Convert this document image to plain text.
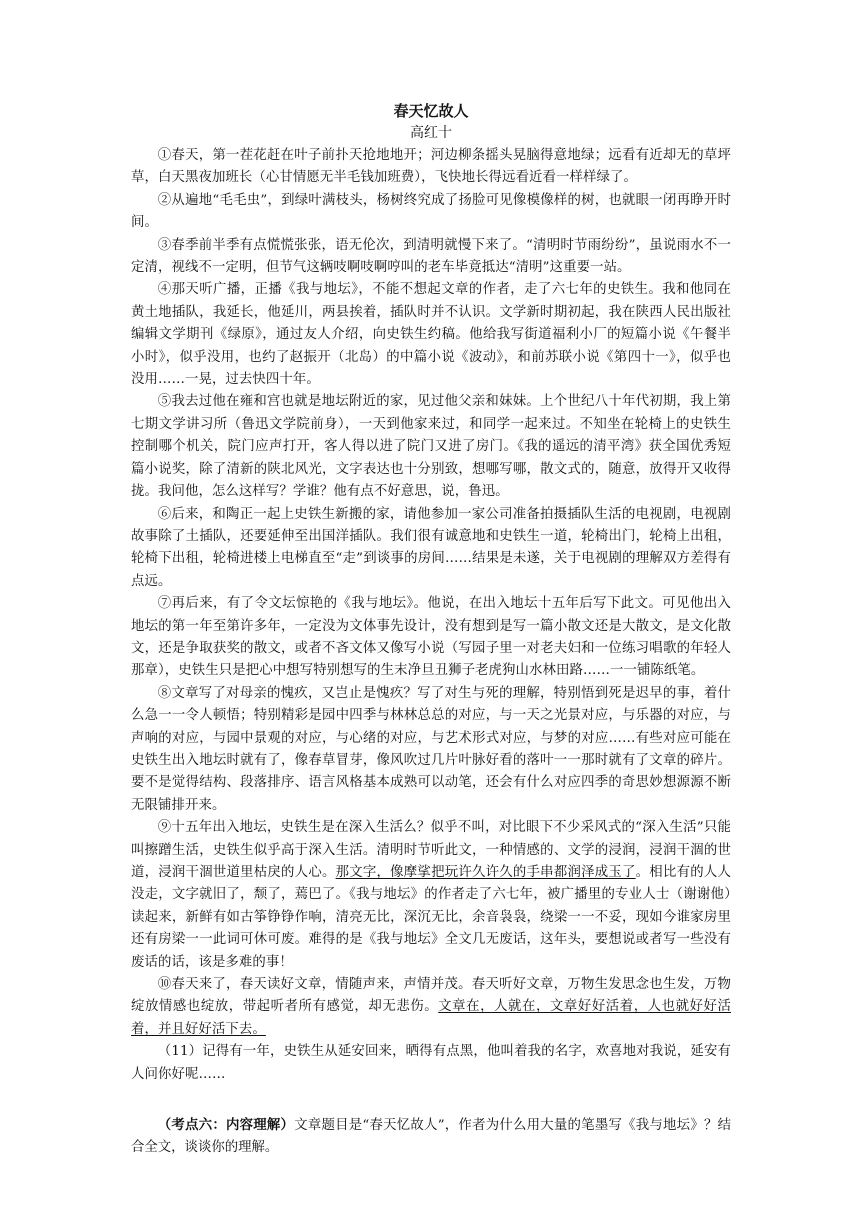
春天忆故人

高红十

①春天，第一茬花赶在叶子前扑天抢地地开；河边柳条摇头晃脑得意地绿；远看有近却无的草坪草，白天黑夜加班长（心甘情愿无半毛钱加班费），飞快地长得远看近看一样样绿了。

②从遍地“毛毛虫”，到绿叶满枝头，杨树终究成了扬脸可见像模像样的树，也就眼一闭再睁开时间。

③春季前半季有点慌慌张张，语无伦次，到清明就慢下来了。“清明时节雨纷纷”，虽说雨水不一定清，视线不一定明，但节气这辆吱啊吱啊哼叫的老车毕竟抵达“清明”这重要一站。

④那天听广播，正播《我与地坛》，不能不想起文章的作者，走了六七年的史铁生。我和他同在黄土地插队，我延长，他延川，两县挨着，插队时并不认识。文学新时期初起，我在陕西人民出版社编辑文学期刊《绿原》，通过友人介绍，向史铁生约稿。他给我写街道福利小厂的短篇小说《午餐半小时》，似乎没用，也约了赵振开（北岛）的中篇小说《波动》，和前苏联小说《第四十一》，似乎也没用……一晃，过去快四十年。

⑤我去过他在雍和宫也就是地坛附近的家，见过他父亲和妹妹。上个世纪八十年代初期，我上第七期文学讲习所（鲁迅文学院前身），一天到他家来过，和同学一起来过。不知坐在轮椅上的史铁生控制哪个机关，院门应声打开，客人得以进了院门又进了房门。《我的遥远的清平湾》获全国优秀短篇小说奖，除了清新的陕北风光，文字表达也十分别致，想哪写哪，散文式的，随意，放得开又收得拢。我问他，怎么这样写？学谁？他有点不好意思，说，鲁迅。

⑥后来，和陶正一起上史铁生新搬的家，请他参加一家公司准备拍摄插队生活的电视剧，电视剧故事除了土插队，还要延伸至出国洋插队。我们很有诚意地和史铁生一道，轮椅出门，轮椅上出租，轮椅下出租，轮椅进楼上电梯直至“走”到谈事的房间……结果是未遂，关于电视剧的理解双方差得有点远。

⑦再后来，有了令文坛惊艳的《我与地坛》。他说，在出入地坛十五年后写下此文。可见他出入地坛的第一年至第许多年，一定没为文体事先设计，没有想到是写一篇小散文还是大散文，是文化散文，还是争取获奖的散文，或者不吝文体又像写小说（写园子里一对老夫妇和一位练习唱歌的年轻人那章），史铁生只是把心中想写特别想写的生末净旦丑狮子老虎狗山水林田路……一一铺陈纸笔。

⑧文章写了对母亲的愧疚，又岂止是愧疚？写了对生与死的理解，特别悟到死是迟早的事，着什么急一一令人顿悟；特别精彩是园中四季与林林总总的对应，与一天之光景对应，与乐器的对应，与声响的对应，与园中景观的对应，与心绪的对应，与艺术形式对应，与梦的对应……有些对应可能在史铁生出入地坛时就有了，像春草冒芽，像风吹过几片叶脉好看的落叶一一那时就有了文章的碎片。要不是觉得结构、段落排序、语言风格基本成熟可以动笔，还会有什么对应四季的奇思妙想源源不断无限铺排开来。

⑨十五年出入地坛，史铁生是在深入生活么？似乎不叫，对比眼下不少采风式的“深入生活”只能叫擦蹭生活，史铁生似乎高于深入生活。清明时节听此文，一种情感的、文学的浸润，浸润干涸的世道，浸润干涸世道里枯戾的人心。那文字，像摩挲把玩许久许久的手串都润泽成玉了。相比有的人人没走，文字就旧了，颓了，蔫巴了。《我与地坛》的作者走了六七年，被广播里的专业人士（谢谢他）读起来，新鲜有如古筝铮铮作响，清亮无比，深沉无比，余音袅袅，绕梁一一不妥，现如今谁家房里还有房梁一一此词可休可废。难得的是《我与地坛》全文几无废话，这年头，要想说或者写一些没有废话的话，该是多难的事！

⑩春天来了，春天读好文章，情随声来，声情并茂。春天听好文章，万物生发思念也生发，万物绽放情感也绽放，带起听者所有感觉，却无悲伤。文章在，人就在，文章好好活着，人也就好好活着，并且好好活下去。

（11）记得有一年，史铁生从延安回来，晒得有点黑，他叫着我的名字，欢喜地对我说，延安有人问你好呢……

（考点六：内容理解）文章题目是“春天忆故人”，作者为什么用大量的笔墨写《我与地坛》？结合全文，谈谈你的理解。
